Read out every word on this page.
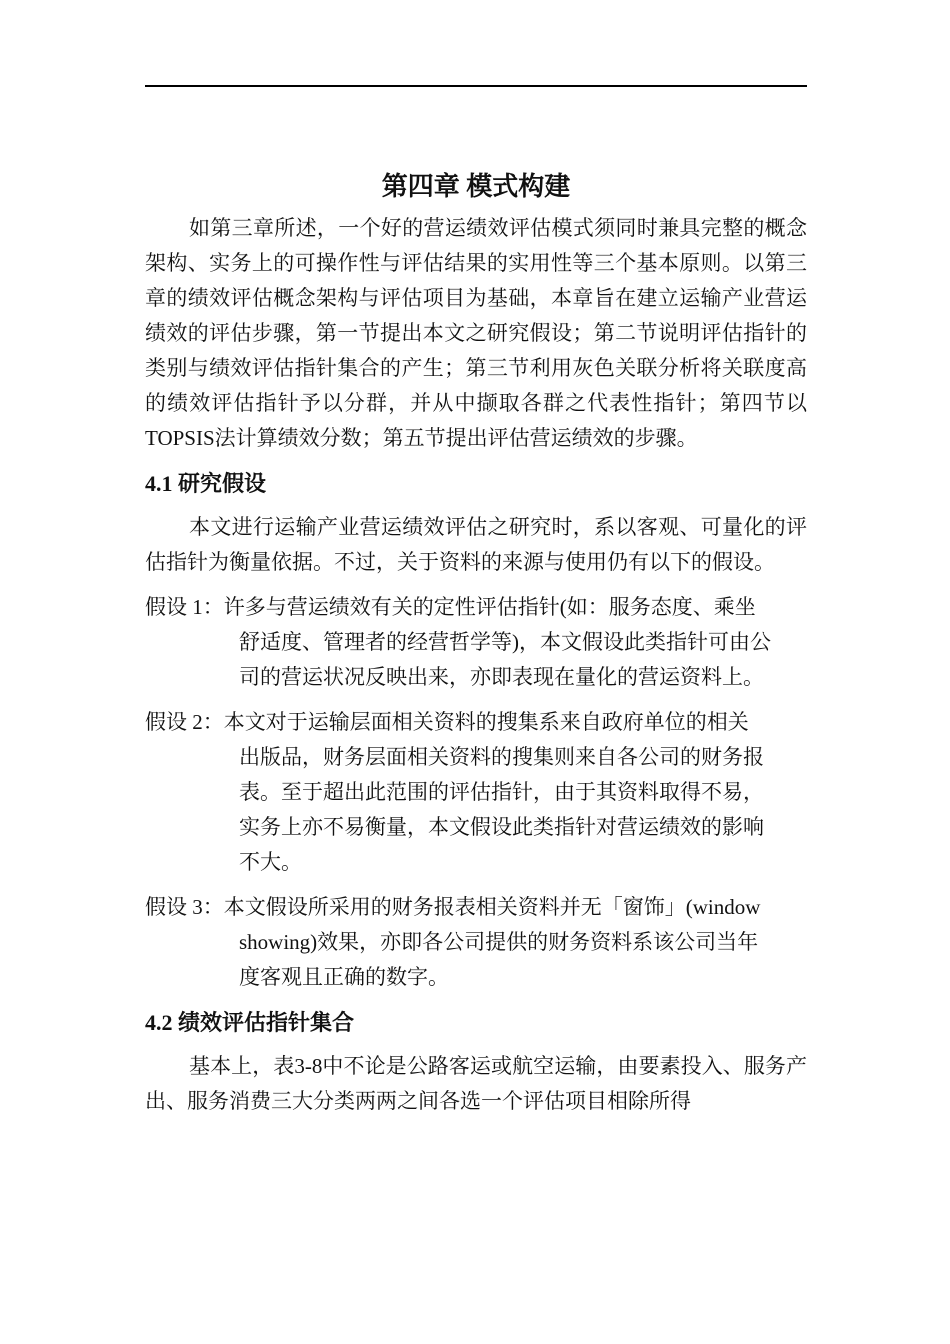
第四章 模式构建

如第三章所述，一个好的营运绩效评估模式须同时兼具完整的概念架构、实务上的可操作性与评估结果的实用性等三个基本原则。以第三章的绩效评估概念架构与评估项目为基础，本章旨在建立运输产业营运绩效的评估步骤，第一节提出本文之研究假设；第二节说明评估指针的类别与绩效评估指针集合的产生；第三节利用灰色关联分析将关联度高的绩效评估指针予以分群，并从中撷取各群之代表性指针；第四节以TOPSIS法计算绩效分数；第五节提出评估营运绩效的步骤。

4.1 研究假设

本文进行运输产业营运绩效评估之研究时，系以客观、可量化的评估指针为衡量依据。不过，关于资料的来源与使用仍有以下的假设。

假设 1：许多与营运绩效有关的定性评估指针(如：服务态度、乘坐
舒适度、管理者的经营哲学等)，本文假设此类指针可由公
司的营运状况反映出来，亦即表现在量化的营运资料上。
假设 2：本文对于运输层面相关资料的搜集系来自政府单位的相关
出版品，财务层面相关资料的搜集则来自各公司的财务报
表。至于超出此范围的评估指针，由于其资料取得不易，
实务上亦不易衡量，本文假设此类指针对营运绩效的影响
不大。
假设 3：本文假设所采用的财务报表相关资料并无「窗饰」(window
showing)效果，亦即各公司提供的财务资料系该公司当年
度客观且正确的数字。
4.2 绩效评估指针集合

基本上，表3-8中不论是公路客运或航空运输，由要素投入、服务产出、服务消费三大分类两两之间各选一个评估项目相除所得
